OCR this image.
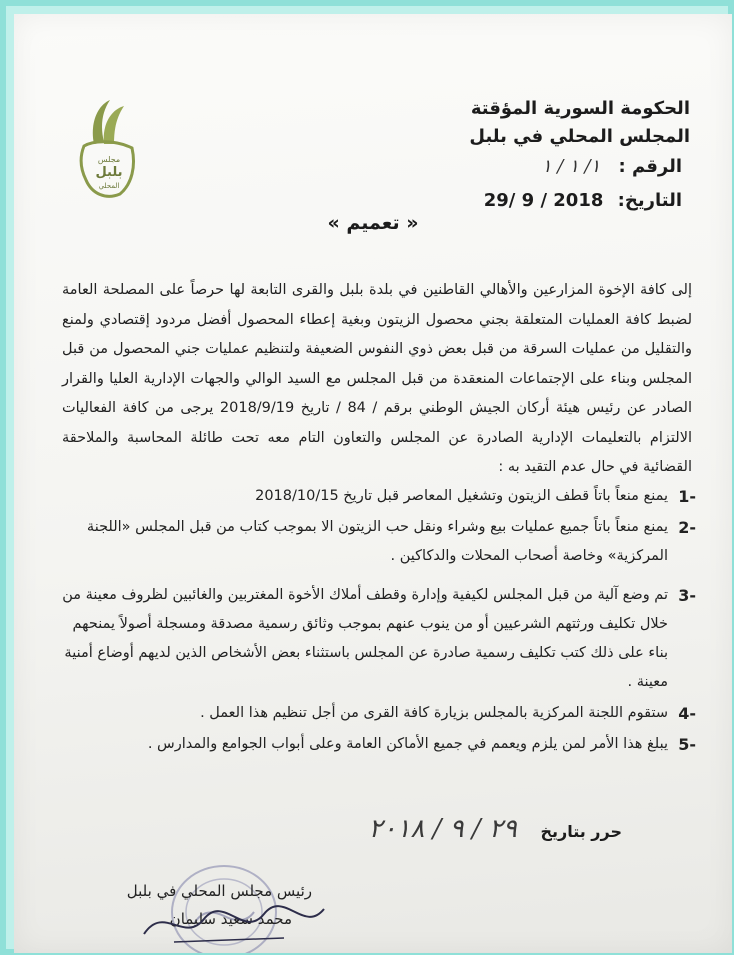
الحكومة السورية المؤقتة
المجلس المحلي في بلبل
الرقم : ١/ ١ / ١
التاريخ: 2018 / 9 /29
مجلس
بلبل
المحلي
« تعميم »
إلى كافة الإخوة المزارعين والأهالي القاطنين في بلدة بلبل والقرى التابعة لها حرصاً على المصلحة العامة لضبط كافة العمليات المتعلقة بجني محصول الزيتون وبغية إعطاء المحصول أفضل مردود إقتصادي ولمنع والتقليل من عمليات السرقة من قبل بعض ذوي النفوس الضعيفة ولتنظيم عمليات جني المحصول من قبل المجلس وبناء على الإجتماعات المنعقدة من قبل المجلس مع السيد الوالي والجهات الإدارية العليا والقرار الصادر عن رئيس هيئة أركان الجيش الوطني برقم / 84 / تاريخ 2018/9/19 يرجى من كافة الفعاليات الالتزام بالتعليمات الإدارية الصادرة عن المجلس والتعاون التام معه تحت طائلة المحاسبة والملاحقة القضائية في حال عدم التقيد به :
-1
يمنع منعاً باتاً قطف الزيتون وتشغيل المعاصر قبل تاريخ 2018/10/15
-2
يمنع منعاً باتاً جميع عمليات بيع وشراء ونقل حب الزيتون الا بموجب كتاب من قبل المجلس «اللجنة المركزية» وخاصة أصحاب المحلات والدكاكين .
-3
تم وضع آلية من قبل المجلس لكيفية وإدارة وقطف أملاك الأخوة المغتربين والغائبين لظروف معينة من خلال تكليف ورثتهم الشرعيين أو من ينوب عنهم بموجب وثائق رسمية مصدقة ومسجلة أصولاً يمنحهم بناء على ذلك كتب تكليف رسمية صادرة عن المجلس باستثناء بعض الأشخاص الذين لديهم أوضاع أمنية معينة .
-4
ستقوم اللجنة المركزية بالمجلس بزيارة كافة القرى من أجل تنظيم هذا العمل .
-5
يبلغ هذا الأمر لمن يلزم ويعمم في جميع الأماكن العامة وعلى أبواب الجوامع والمدارس .
حرر بتاريخ ٢٩ / ٩ / ٢٠١٨
رئيس مجلس المحلي في بلبل
محمد سعيد سليمان
